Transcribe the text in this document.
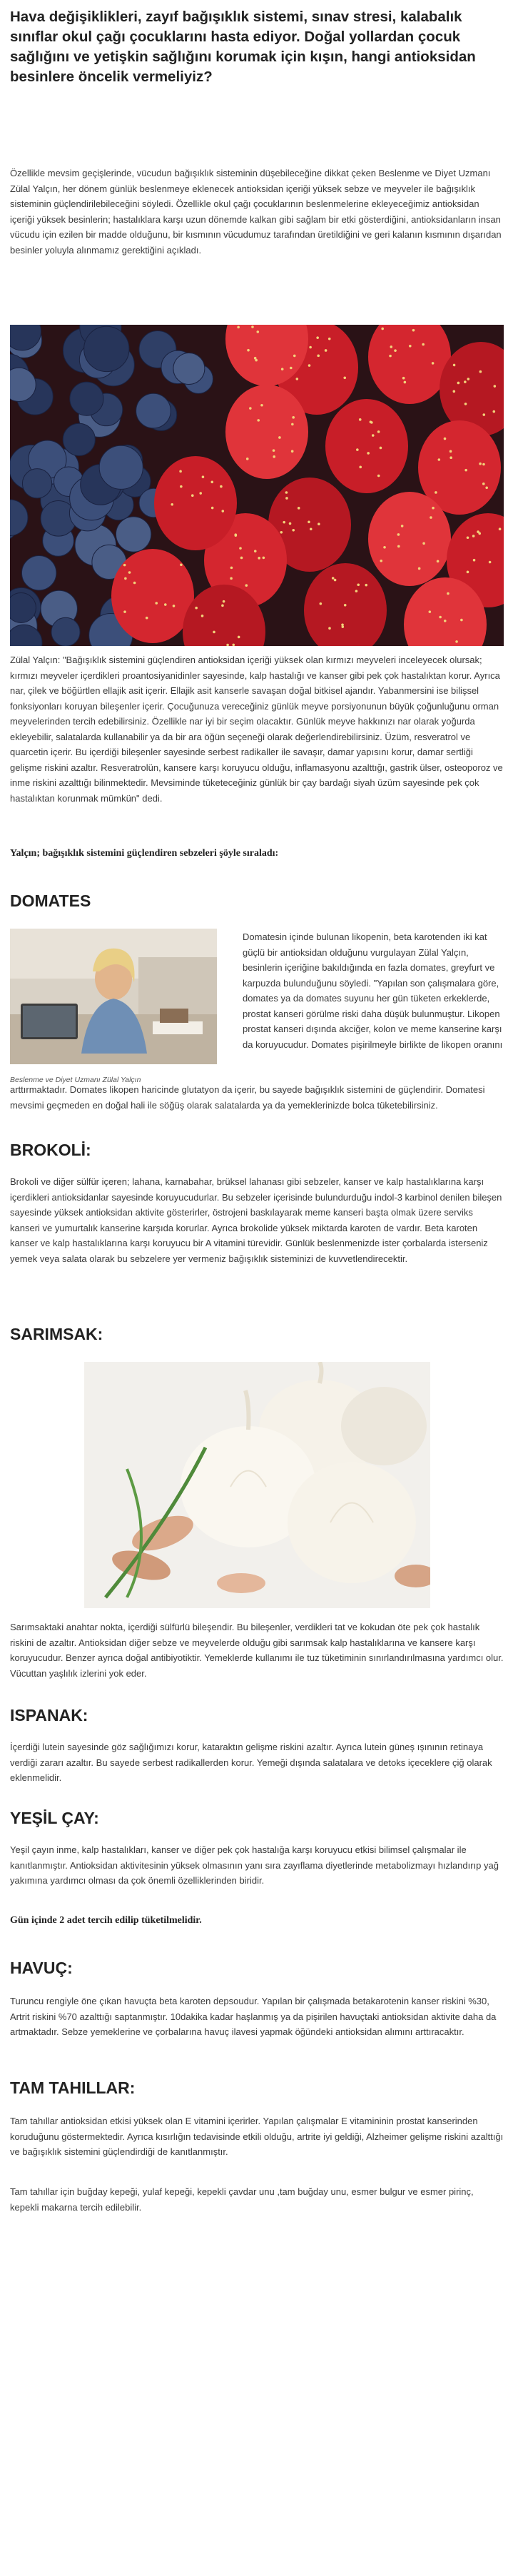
Hava değişiklikleri, zayıf bağışıklık sistemi, sınav stresi, kalabalık sınıflar okul çağı çocuklarını hasta ediyor. Doğal yollardan çocuk sağlığını ve yetişkin sağlığını korumak için kışın, hangi antioksidan besinlere öncelik vermeliyiz?

Özellikle mevsim geçişlerinde, vücudun bağışıklık sisteminin düşebileceğine dikkat çeken Beslenme ve Diyet Uzmanı Zülal Yalçın, her dönem günlük beslenmeye eklenecek antioksidan içeriği yüksek sebze ve meyveler ile bağışıklık sisteminin güçlendirilebileceğini söyledi. Özellikle okul çağı çocuklarının beslenmelerine ekleyeceğimiz antioksidan içeriği yüksek besinlerin; hastalıklara karşı uzun dönemde kalkan gibi sağlam bir etki gösterdiğini, antioksidanların insan vücudu için ezilen bir madde olduğunu, bir kısmının vücudumuz tarafından üretildiğini ve geri kalanın kısmının dışarıdan besinler yoluyla alınmamız gerektiğini açıkladı.

Zülal Yalçın: "Bağışıklık sistemini güçlendiren antioksidan içeriği yüksek olan kırmızı meyveleri inceleyecek olursak; kırmızı meyveler içerdikleri proantosiyanidinler sayesinde, kalp hastalığı ve kanser gibi pek çok hastalıktan korur. Ayrıca nar, çilek ve böğürtlen ellajik asit içerir. Ellajik asit kanserle savaşan doğal bitkisel ajandır. Yabanmersini ise bilişsel fonksiyonları koruyan bileşenler içerir. Çocuğunuza vereceğiniz günlük meyve porsiyonunun büyük çoğunluğunu orman meyvelerinden tercih edebilirsiniz. Özellikle nar iyi bir seçim olacaktır. Günlük meyve hakkınızı nar olarak yoğurda ekleyebilir, salatalarda kullanabilir ya da bir ara öğün seçeneği olarak değerlendirebilirsiniz. Üzüm, resveratrol ve quarcetin içerir. Bu içerdiği bileşenler sayesinde serbest radikaller ile savaşır, damar yapısını korur, damar sertliği gelişme riskini azaltır. Resveratrolün, kansere karşı koruyucu olduğu, inflamasyonu azalttığı, gastrik ülser, osteoporoz ve inme riskini azalttığı bilinmektedir. Mevsiminde tüketeceğiniz günlük bir çay bardağı siyah üzüm sayesinde pek çok hastalıktan korunmak mümkün" dedi.

Yalçın; bağışıklık sistemini güçlendiren sebzeleri şöyle sıraladı:

DOMATES

Beslenme ve Diyet Uzmanı Zülal Yalçın

Domatesin içinde bulunan likopenin, beta karotenden iki kat güçlü bir antioksidan olduğunu vurgulayan Zülal Yalçın, besinlerin içeriğine bakıldığında en fazla domates, greyfurt ve karpuzda bulunduğunu söyledi. "Yapılan son çalışmalara göre, domates ya da domates suyunu her gün tüketen erkeklerde, prostat kanseri görülme riski daha düşük bulunmuştur. Likopen prostat kanseri dışında akciğer, kolon ve meme kanserine karşı da koruyucudur. Domates pişirilmeyle birlikte de likopen oranını

arttırmaktadır. Domates likopen haricinde glutatyon da içerir, bu sayede bağışıklık sistemini de güçlendirir. Domatesi mevsimi geçmeden en doğal hali ile söğüş olarak salatalarda ya da yemeklerinizde bolca tüketebilirsiniz.

BROKOLİ:

Brokoli ve diğer sülfür içeren; lahana, karnabahar, brüksel lahanası gibi sebzeler, kanser ve kalp hastalıklarına karşı içerdikleri antioksidanlar sayesinde koruyucudurlar. Bu sebzeler içerisinde bulundurduğu indol-3 karbinol denilen bileşen sayesinde yüksek antioksidan aktivite gösterirler, östrojeni baskılayarak meme kanseri başta olmak üzere serviks kanseri ve yumurtalık kanserine karşıda korurlar. Ayrıca brokolide yüksek miktarda karoten de vardır. Beta karoten kanser ve kalp hastalıklarına karşı koruyucu bir A vitamini türevidir. Günlük beslenmenizde ister çorbalarda isterseniz yemek veya salata olarak bu sebzelere yer vermeniz bağışıklık sisteminizi de kuvvetlendirecektir.

SARIMSAK:

Sarımsaktaki anahtar nokta, içerdiği sülfürlü bileşendir. Bu bileşenler, verdikleri tat ve kokudan öte pek çok hastalık riskini de azaltır. Antioksidan diğer sebze ve meyvelerde olduğu gibi sarımsak kalp hastalıklarına ve kansere karşı koruyucudur. Benzer ayrıca doğal antibiyotiktir. Yemeklerde kullanımı ile tuz tüketiminin sınırlandırılmasına yardımcı olur. Vücuttan yaşlılık izlerini yok eder.

ISPANAK:

İçerdiği lutein sayesinde göz sağlığımızı korur, kataraktın gelişme riskini azaltır. Ayrıca lutein güneş ışınının retinaya verdiği zararı azaltır. Bu sayede serbest radikallerden korur. Yemeği dışında salatalara ve detoks içeceklere çiğ olarak eklenmelidir.

YEŞİL ÇAY:

Yeşil çayın inme, kalp hastalıkları, kanser ve diğer pek çok hastalığa karşı koruyucu etkisi bilimsel çalışmalar ile kanıtlanmıştır. Antioksidan aktivitesinin yüksek olmasının yanı sıra zayıflama diyetlerinde metabolizmayı hızlandırıp yağ yakımına yardımcı olması da çok önemli özelliklerinden biridir.

Gün içinde 2 adet tercih edilip tüketilmelidir.

HAVUÇ:

Turuncu rengiyle öne çıkan havuçta beta karoten depsoudur. Yapılan bir çalışmada betakarotenin kanser riskini %30, Artrit riskini %70 azalttığı saptanmıştır. 10dakika kadar haşlanmış ya da pişirilen havuçtaki antioksidan aktivite daha da artmaktadır. Sebze yemeklerine ve çorbalarına havuç ilavesi yapmak öğündeki antioksidan alımını arttıracaktır.

TAM TAHILLAR:

Tam tahıllar antioksidan etkisi yüksek olan E vitamini içerirler. Yapılan çalışmalar E vitamininin prostat kanserinden koruduğunu göstermektedir. Ayrıca kısırlığın tedavisinde etkili olduğu, artrite iyi geldiği, Alzheimer gelişme riskini azalttığı ve bağışıklık sistemini güçlendirdiği de kanıtlanmıştır.

Tam tahıllar için buğday kepeği, yulaf kepeği, kepekli çavdar unu ,tam buğday unu, esmer bulgur ve esmer pirinç, kepekli makarna tercih edilebilir.
